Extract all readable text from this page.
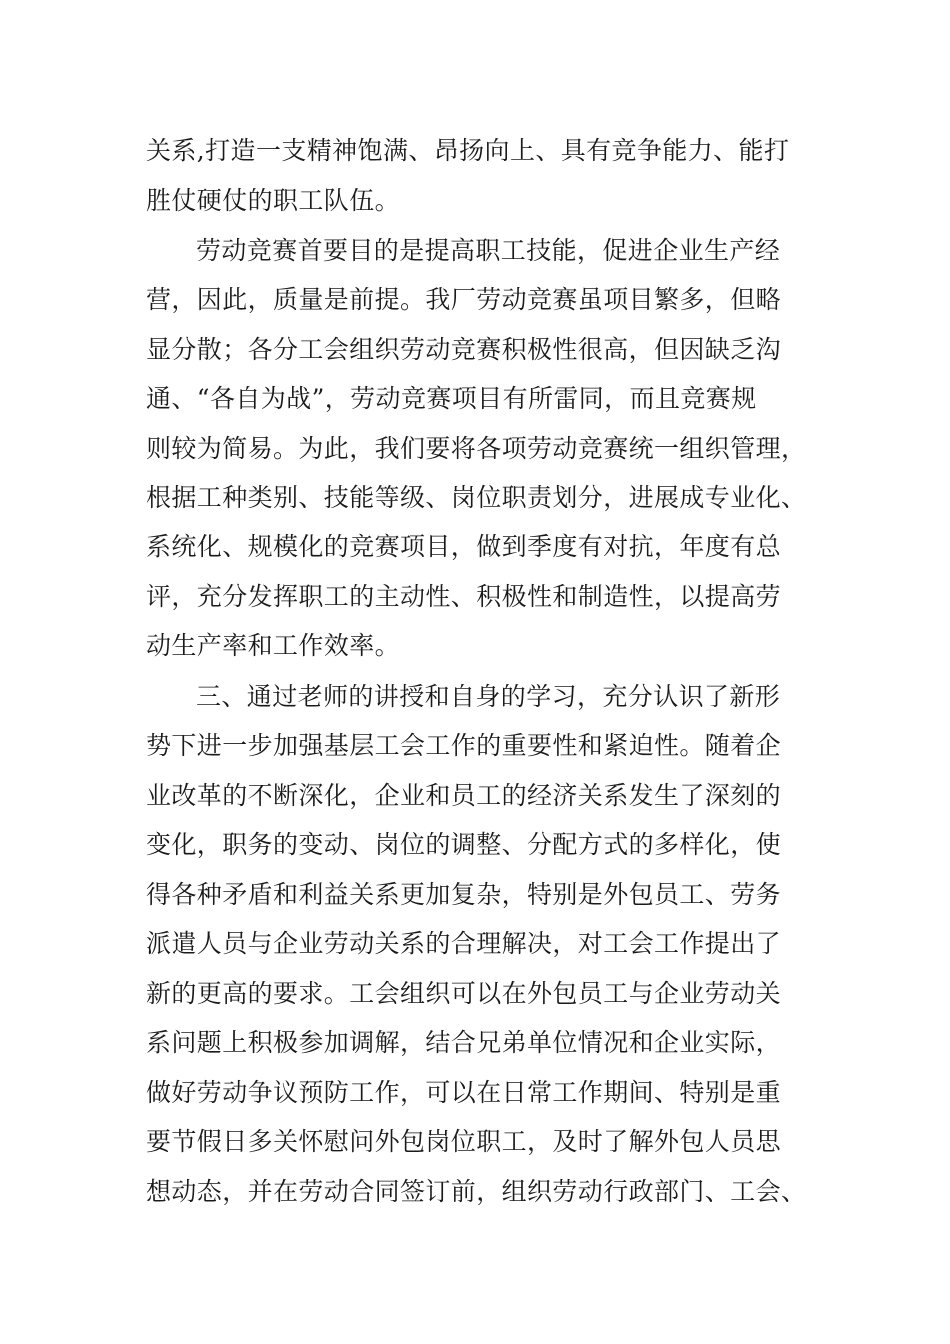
关系,打造一支精神饱满、昂扬向上、具有竞争能力、能打
胜仗硬仗的职工队伍。
劳动竞赛首要目的是提高职工技能，促进企业生产经
营，因此，质量是前提。我厂劳动竞赛虽项目繁多，但略
显分散；各分工会组织劳动竞赛积极性很高，但因缺乏沟
通、“各自为战”，劳动竞赛项目有所雷同，而且竞赛规
则较为简易。为此，我们要将各项劳动竞赛统一组织管理，
根据工种类别、技能等级、岗位职责划分，进展成专业化、
系统化、规模化的竞赛项目，做到季度有对抗，年度有总
评，充分发挥职工的主动性、积极性和制造性，以提高劳
动生产率和工作效率。
三、通过老师的讲授和自身的学习，充分认识了新形
势下进一步加强基层工会工作的重要性和紧迫性。随着企
业改革的不断深化，企业和员工的经济关系发生了深刻的
变化，职务的变动、岗位的调整、分配方式的多样化，使
得各种矛盾和利益关系更加复杂，特别是外包员工、劳务
派遣人员与企业劳动关系的合理解决，对工会工作提出了
新的更高的要求。工会组织可以在外包员工与企业劳动关
系问题上积极参加调解，结合兄弟单位情况和企业实际，
做好劳动争议预防工作，可以在日常工作期间、特别是重
要节假日多关怀慰问外包岗位职工，及时了解外包人员思
想动态，并在劳动合同签订前，组织劳动行政部门、工会、
